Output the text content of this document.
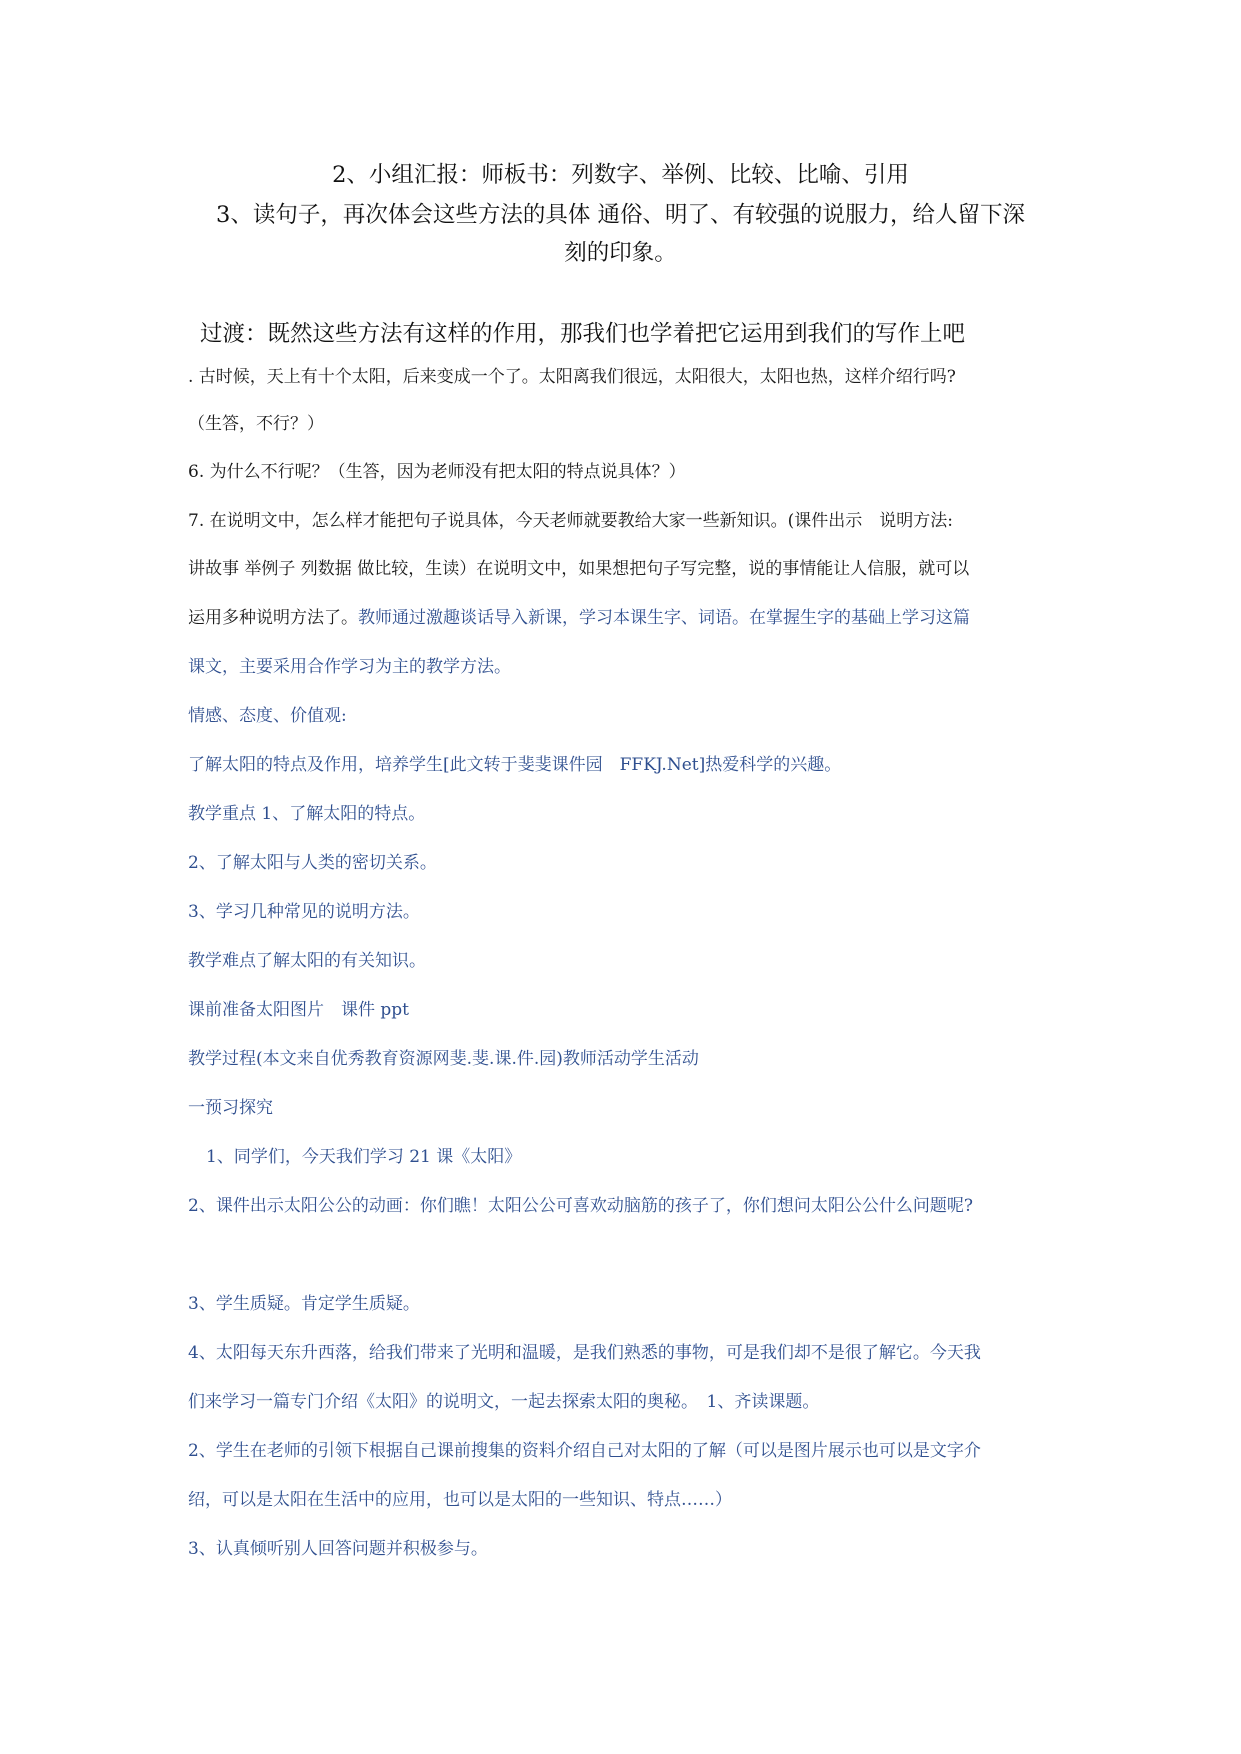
2、小组汇报：师板书：列数字、举例、比较、比喻、引用
3、读句子，再次体会这些方法的具体 通俗、明了、有较强的说服力，给人留下深
刻的印象。
过渡：既然这些方法有这样的作用，那我们也学着把它运用到我们的写作上吧
. 古时候，天上有十个太阳，后来变成一个了。太阳离我们很远，太阳很大，太阳也热，这样介绍行吗?
（生答，不行？）
6. 为什么不行呢？（生答，因为老师没有把太阳的特点说具体？）
7. 在说明文中，怎么样才能把句子说具体，今天老师就要教给大家一些新知识。(课件出示　说明方法:
讲故事 举例子 列数据 做比较，生读）在说明文中，如果想把句子写完整，说的事情能让人信服，就可以
运用多种说明方法了。教师通过激趣谈话导入新课，学习本课生字、词语。在掌握生字的基础上学习这篇
课文，主要采用合作学习为主的教学方法。
情感、态度、价值观:
了解太阳的特点及作用，培养学生[此文转于斐斐课件园　FFKJ.Net]热爱科学的兴趣。
教学重点 1、了解太阳的特点。
2、了解太阳与人类的密切关系。
3、学习几种常见的说明方法。
教学难点了解太阳的有关知识。
课前准备太阳图片　课件 ppt
教学过程(本文来自优秀教育资源网斐.斐.课.件.园)教师活动学生活动
一预习探究
1、同学们，今天我们学习 21 课《太阳》
2、课件出示太阳公公的动画：你们瞧！太阳公公可喜欢动脑筋的孩子了，你们想问太阳公公什么问题呢?
3、学生质疑。肯定学生质疑。
4、太阳每天东升西落，给我们带来了光明和温暖，是我们熟悉的事物，可是我们却不是很了解它。今天我
们来学习一篇专门介绍《太阳》的说明文，一起去探索太阳的奥秘。　1、齐读课题。
2、学生在老师的引领下根据自己课前搜集的资料介绍自己对太阳的了解（可以是图片展示也可以是文字介
绍，可以是太阳在生活中的应用，也可以是太阳的一些知识、特点……）
3、认真倾听别人回答问题并积极参与。
